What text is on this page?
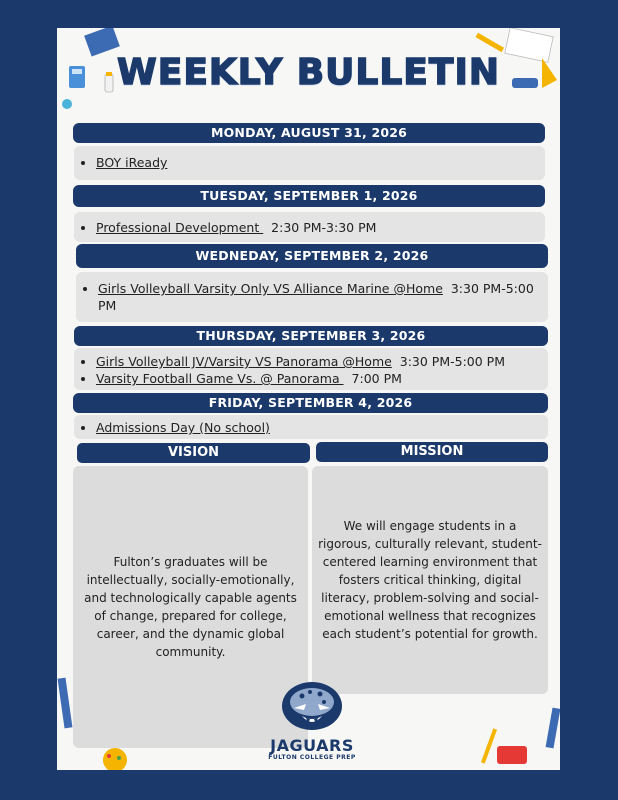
WEEKLY BULLETIN
MONDAY, AUGUST 31, 2026
• BOY iReady
TUESDAY, SEPTEMBER 1, 2026
• Professional Development   2:30 PM-3:30 PM
WEDNEDAY, SEPTEMBER 2, 2026
• Girls Volleyball Varsity Only VS Alliance Marine @Home 3:30 PM-5:00 PM
THURSDAY, SEPTEMBER 3, 2026
• Girls Volleyball JV/Varsity VS Panorama @Home 3:30 PM-5:00 PM
• Varsity Football Game Vs. @ Panorama   7:00 PM
FRIDAY, SEPTEMBER 4, 2026
• Admissions Day (No school)
VISION	MISSION

Fulton’s graduates will be intellectually, socially-emotionally, and technologically capable agents of change, prepared for college, career, and the dynamic global community.

We will engage students in a rigorous, culturally relevant, student-centered learning environment that fosters critical thinking, digital literacy, problem-solving and social-emotional wellness that recognizes each student’s potential for growth.

JAGUARS
FULTON COLLEGE PREP
